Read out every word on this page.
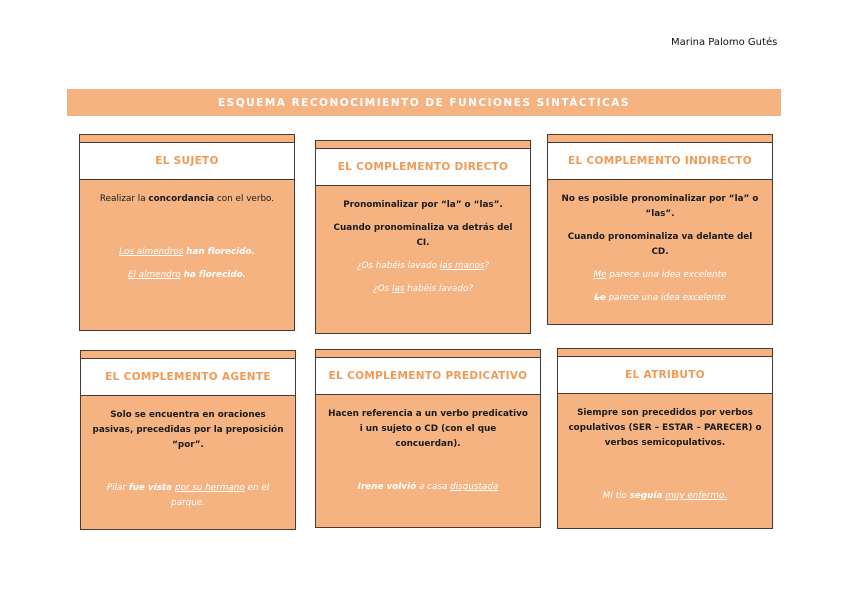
Marina Palomo Gutés
ESQUEMA RECONOCIMIENTO DE FUNCIONES SINTÁCTICAS
EL SUJETO

Realizar la concordancia con el verbo.

Los almendros han florecido.

El almendro ha florecido.

EL COMPLEMENTO DIRECTO

Pronominalizar por “la” o “las”.

Cuando pronominaliza va detrás del CI.

¿Os habéis lavado las manos?

¿Os las habéis lavado?

EL COMPLEMENTO INDIRECTO

No es posible pronominalizar por “la” o “las”.

Cuando pronominaliza va delante del CD.

Me parece una idea excelente

Le parece una idea excelente

EL COMPLEMENTO AGENTE

Solo se encuentra en oraciones pasivas, precedidas por la preposición “por”.

Pilar fue vista por su hermano en el parque.

EL COMPLEMENTO PREDICATIVO

Hacen referencia a un verbo predicativo i un sujeto o CD (con el que concuerdan).

Irene volvió a casa disgustada

EL ATRIBUTO

Siempre son precedidos por verbos copulativos (SER – ESTAR – PARECER) o verbos semicopulativos.

Mi tío seguía muy enfermo.
